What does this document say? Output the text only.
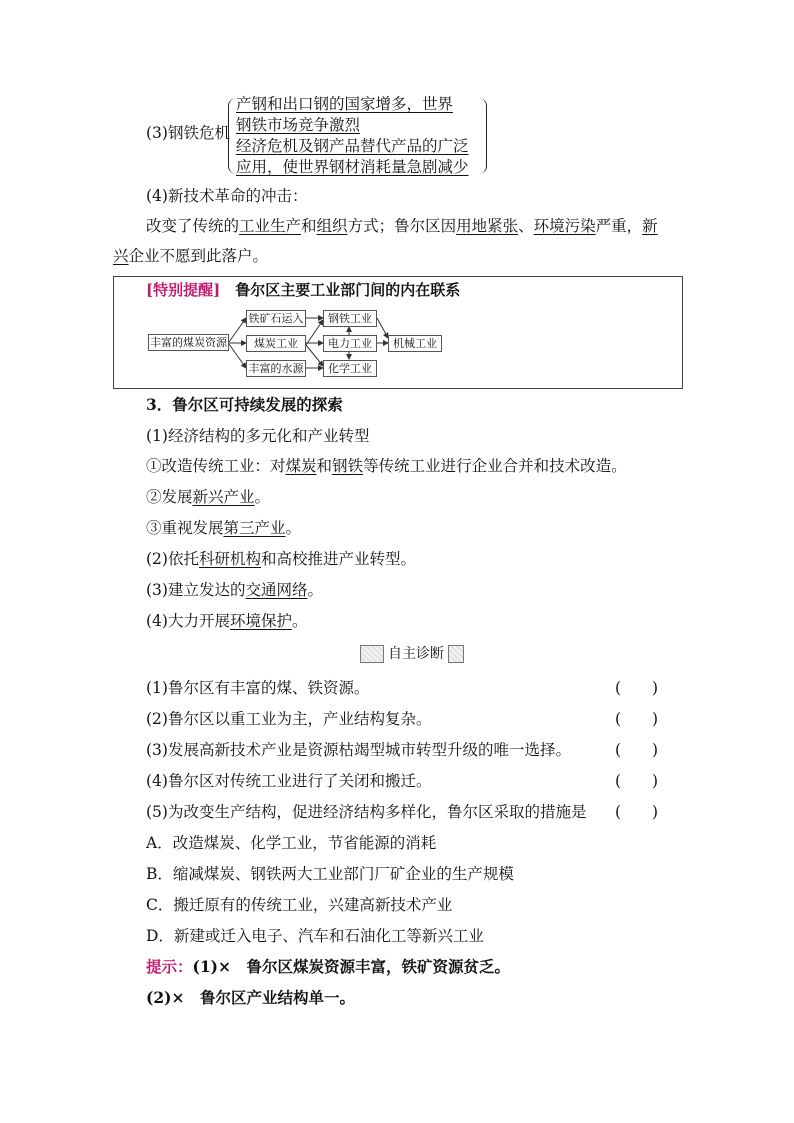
(3)钢铁危机
产钢和出口钢的国家增多，世界
钢铁市场竞争激烈
经济危机及钢产品替代产品的广泛
应用，使世界钢材消耗量急剧减少
(4)新技术革命的冲击：
改变了传统的工业生产和组织方式；鲁尔区因用地紧张、环境污染严重，新
兴企业不愿到此落户。
[特别提醒]　 鲁尔区主要工业部门间的内在联系
丰富的煤炭资源
铁矿石运入
煤炭工业
丰富的水源
钢铁工业
电力工业
化学工业
机械工业
3．鲁尔区可持续发展的探索
(1)经济结构的多元化和产业转型
①改造传统工业：对煤炭和钢铁等传统工业进行企业合并和技术改造。
②发展新兴产业。
③重视发展第三产业。
(2)依托科研机构和高校推进产业转型。
(3)建立发达的交通网络。
(4)大力开展环境保护。
自主诊断
(1)鲁尔区有丰富的煤、铁资源。	(　　)
(2)鲁尔区以重工业为主，产业结构复杂。	(　　)
(3)发展高新技术产业是资源枯竭型城市转型升级的唯一选择。	(　　)
(4)鲁尔区对传统工业进行了关闭和搬迁。	(　　)
(5)为改变生产结构，促进经济结构多样化，鲁尔区采取的措施是 (　　)
A．改造煤炭、化学工业，节省能源的消耗
B．缩减煤炭、钢铁两大工业部门厂矿企业的生产规模
C．搬迁原有的传统工业，兴建高新技术产业
D．新建或迁入电子、汽车和石油化工等新兴工业
提示：(1)×　鲁尔区煤炭资源丰富，铁矿资源贫乏。
(2)×　鲁尔区产业结构单一。
